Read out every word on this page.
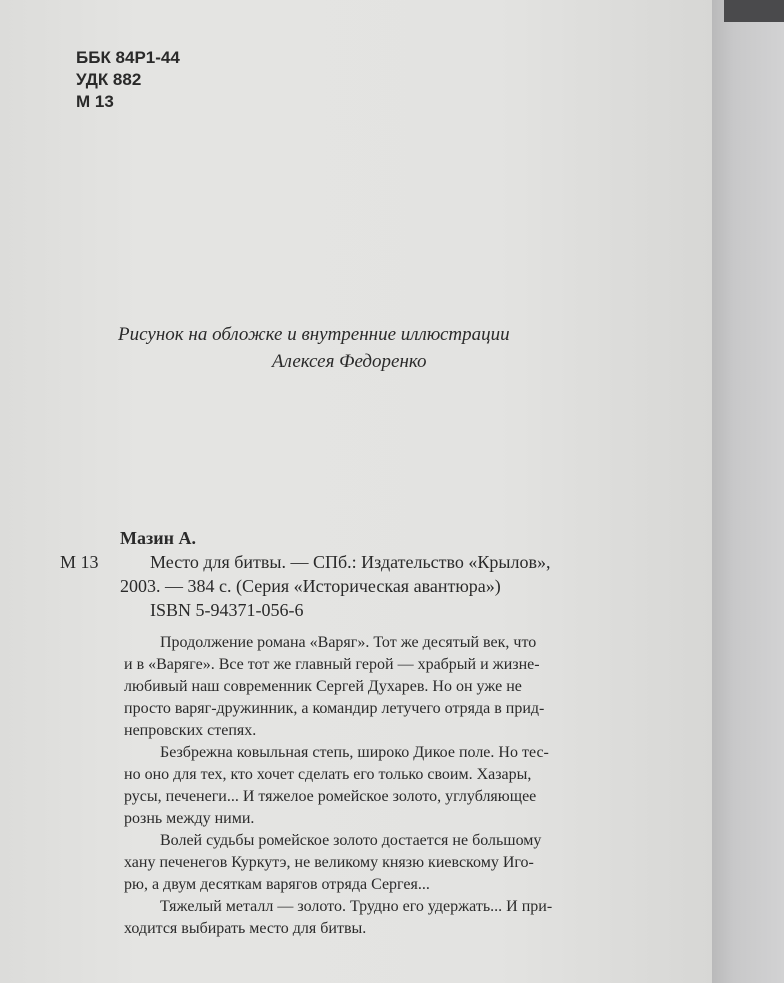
ББК 84Р1-44
УДК 882
М 13
Рисунок на обложке и внутренние иллюстрации
Алексея Федоренко
Мазин А.
М 13	Место для битвы. — СПб.: Издательство «Крылов»,
2003. — 384 с. (Серия «Историческая авантюра»)
ISBN 5-94371-056-6
Продолжение романа «Варяг». Тот же десятый век, что
и в «Варяге». Все тот же главный герой — храбрый и жизне-
любивый наш современник Сергей Духарев. Но он уже не
просто варяг-дружинник, а командир летучего отряда в прид-
непровских степях.
Безбрежна ковыльная степь, широко Дикое поле. Но тес-
но оно для тех, кто хочет сделать его только своим. Хазары,
русы, печенеги... И тяжелое ромейское золото, углубляющее
рознь между ними.
Волей судьбы ромейское золото достается не большому
хану печенегов Куркутэ, не великому князю киевскому Иго-
рю, а двум десяткам варягов отряда Сергея...
Тяжелый металл — золото. Трудно его удержать... И при-
ходится выбирать место для битвы.
